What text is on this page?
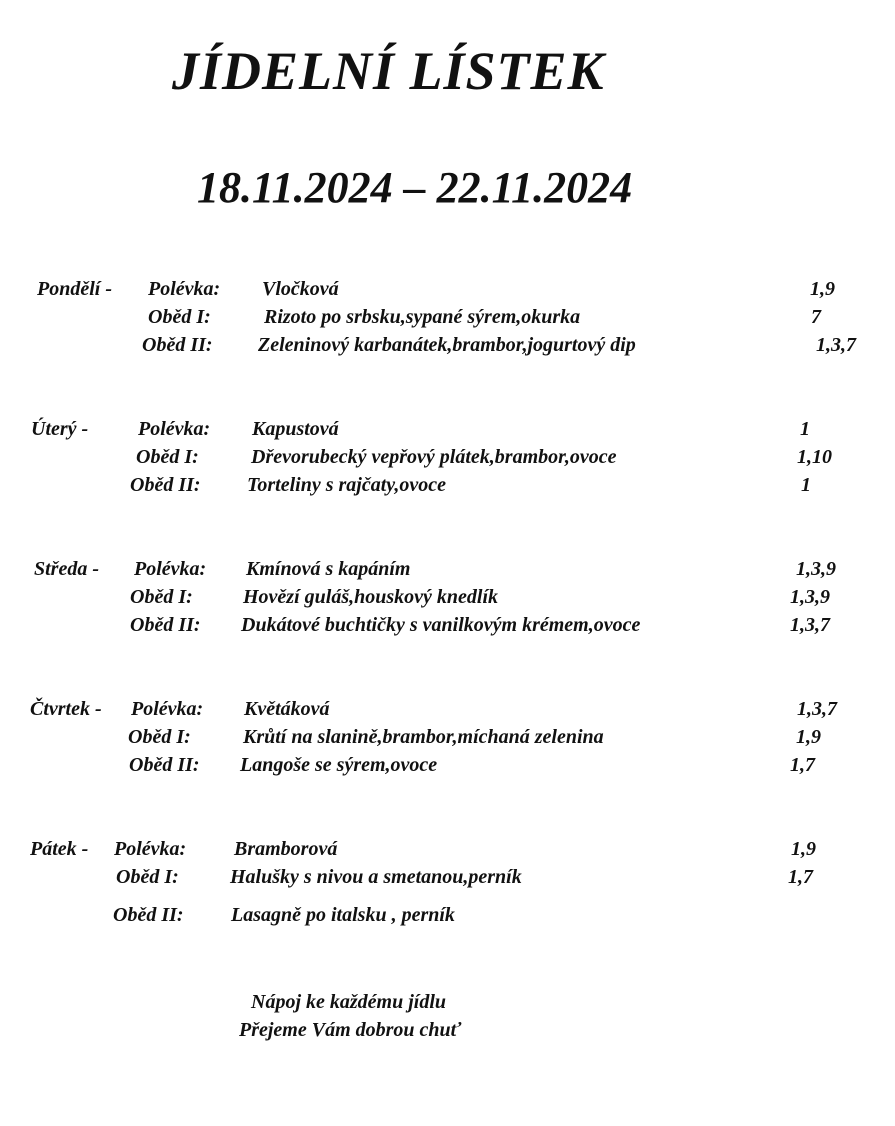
JÍDELNÍ LÍSTEK
18.11.2024 – 22.11.2024
Pondělí - Polévka: Vločková	1,9
Oběd I:	Rizoto po srbsku,sypané sýrem,okurka	7
Oběd II: Zeleninový karbanátek,brambor,jogurtový dip	1,3,7
Úterý - Polévka: Kapustová	1
Oběd I:	Dřevorubecký vepřový plátek,brambor,ovoce	1,10
Oběd II: Torteliny s rajčaty,ovoce	1
Středa - Polévka: Kmínová s kapáním	1,3,9
Oběd I:	Hovězí guláš,houskový knedlík	1,3,9
Oběd II: Dukátové buchtičky s vanilkovým krémem,ovoce	1,3,7
Čtvrtek - Polévka: Květáková	1,3,7
Oběd I:	Krůtí na slanině,brambor,míchaná zelenina	1,9
Oběd II: Langoše se sýrem,ovoce	1,7
Pátek - Polévka: Bramborová	1,9
Oběd I:	Halušky s nivou a smetanou,perník	1,7
Oběd II: Lasagně po italsku , perník
Nápoj ke každému jídlu
Přejeme Vám dobrou chuť
